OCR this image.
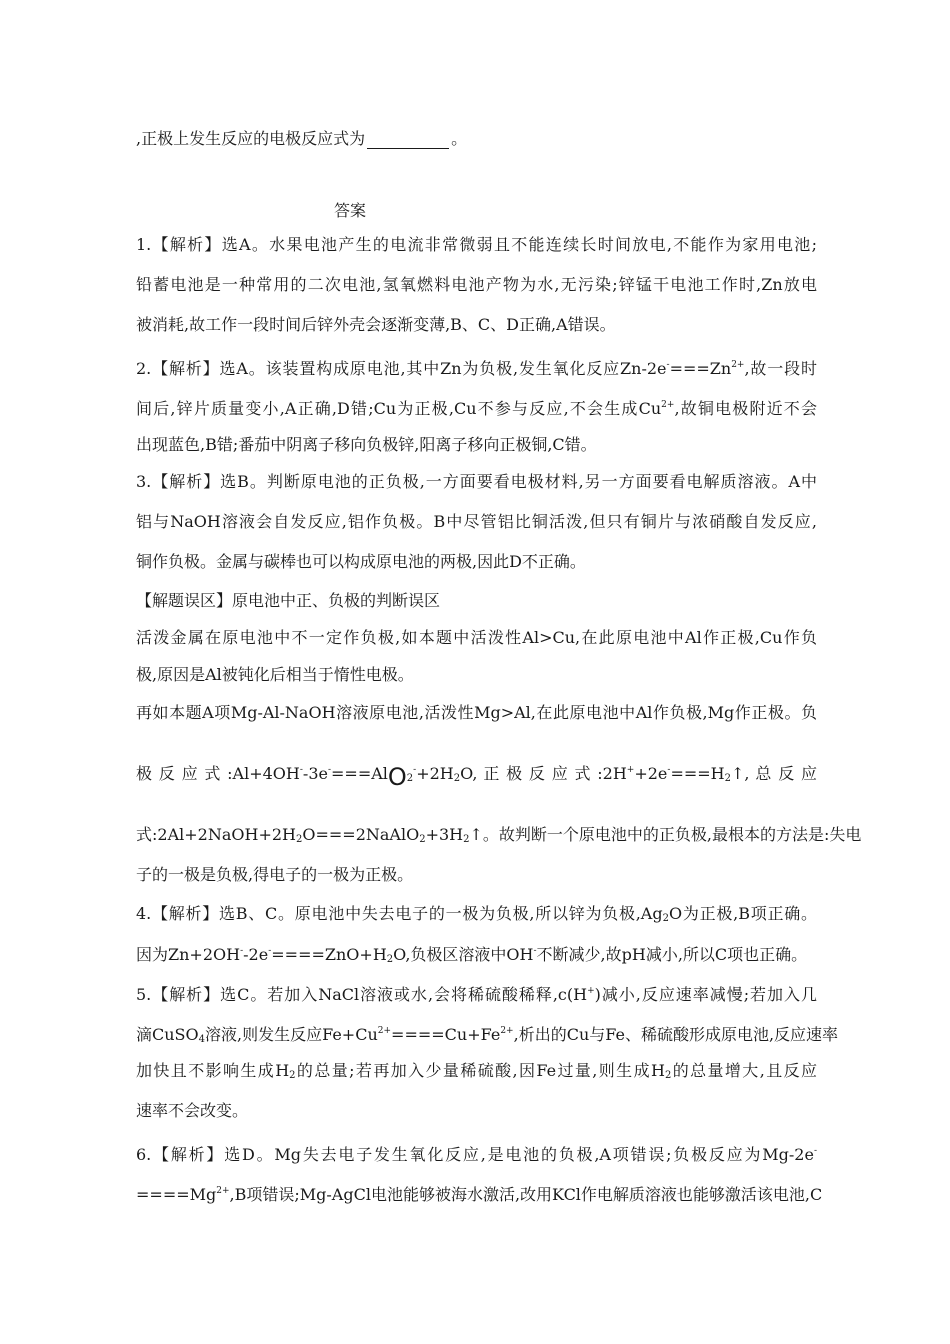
,正极上发生反应的电极反应式为	。
答案
1.【解析】选A。水果电池产生的电流非常微弱且不能连续长时间放电,不能作为家用电池;
铅蓄电池是一种常用的二次电池,氢氧燃料电池产物为水,无污染;锌锰干电池工作时,Zn放电
被消耗,故工作一段时间后锌外壳会逐渐变薄,B、C、D正确,A错误。
2.【解析】选A。该装置构成原电池,其中Zn为负极,发生氧化反应$Zn-2e^-===Zn^{2+}$,故一段时
间后,锌片质量变小,A正确,D错;Cu为正极,Cu不参与反应,不会生成$Cu^{2+}$,故铜电极附近不会
出现蓝色,B错;番茄中阴离子移向负极锌,阳离子移向正极铜,C错。
3.【解析】选B。判断原电池的正负极,一方面要看电极材料,另一方面要看电解质溶液。A中
铝与NaOH溶液会自发反应,铝作负极。B中尽管铝比铜活泼,但只有铜片与浓硝酸自发反应,
铜作负极。金属与碳棒也可以构成原电池的两极,因此D不正确。
【解题误区】原电池中正、负极的判断误区
活泼金属在原电池中不一定作负极,如本题中活泼性Al>Cu,在此原电池中Al作正极,Cu作负
极,原因是Al被钝化后相当于惰性电极。
再如本题A项Mg-Al-NaOH溶液原电池,活泼性Mg>Al,在此原电池中Al作负极,Mg作正极。负
极 反 应 式 $:Al+4OH^--3e^-===AlO_2^-+2H_2O$, 正 极 反 应 式 $:2H^++2e^-===H_2↑$, 总 反 应
式$:2Al+2NaOH+2H_2O===2NaAlO_2+3H_2↑$。故判断一个原电池中的正负极,最根本的方法是:失电
子的一极是负极,得电子的一极为正极。
4.【解析】选B、C。原电池中失去电子的一极为负极,所以锌为负极$,Ag_2O$为正极,B项正确。
因为$Zn+2OH^--2e^-====ZnO+H_2O$,负极区溶液中OH-不断减少,故pH减小,所以C项也正确。
5.【解析】选C。若加入NaCl溶液或水,会将稀硫酸稀释,c(H+)减小,反应速率减慢;若加入几
滴CuSO$_4$溶液,则发生反应$Fe+Cu^{2+}====Cu+Fe^{2+}$,析出的Cu与Fe、稀硫酸形成原电池,反应速率
加快且不影响生成$H_2$的总量;若再加入少量稀硫酸,因Fe过量,则生成$H_2$的总量增大,且反应
速率不会改变。
6.【解析】选D。Mg失去电子发生氧化反应,是电池的负极,A项错误;负极反应为Mg-2e-
$====Mg^{2+},B$项错误;Mg-AgCl电池能够被海水激活,改用KCl作电解质溶液也能够激活该电池,C
